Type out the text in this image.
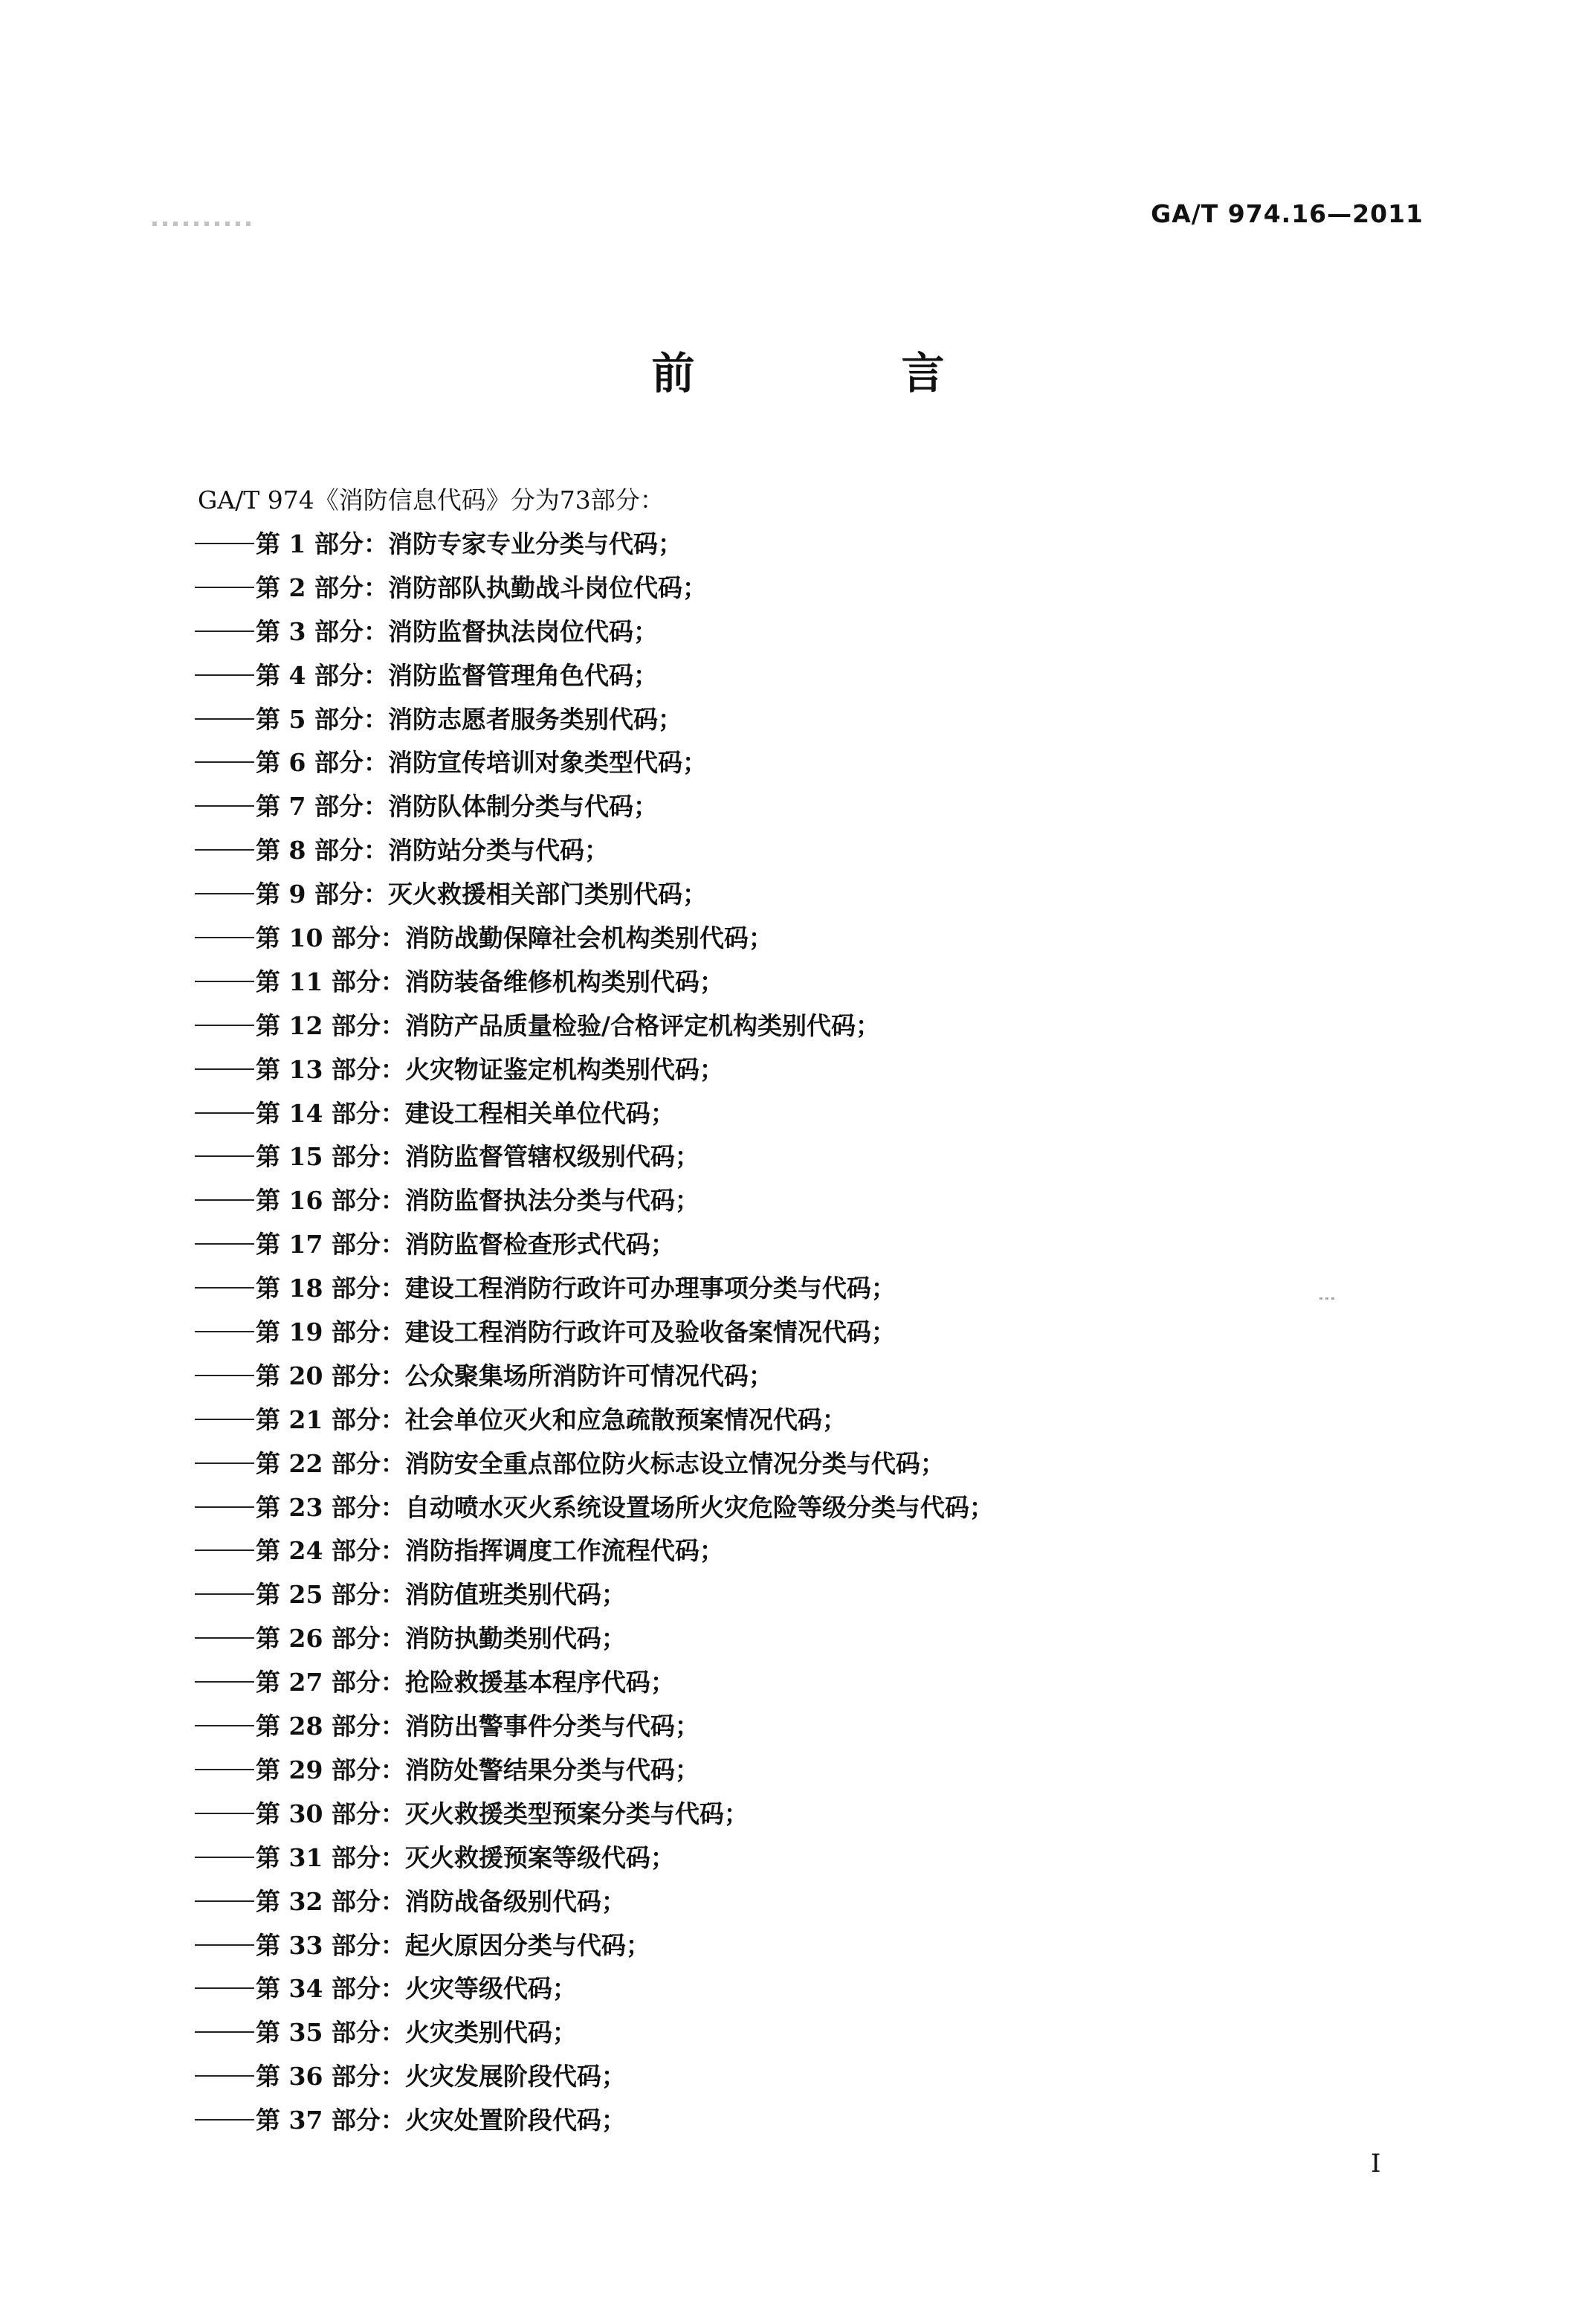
GA/T 974.16—2011
前　言
GA/T 974《消防信息代码》分为73部分：
第 1 部分：消防专家专业分类与代码；
第 2 部分：消防部队执勤战斗岗位代码；
第 3 部分：消防监督执法岗位代码；
第 4 部分：消防监督管理角色代码；
第 5 部分：消防志愿者服务类别代码；
第 6 部分：消防宣传培训对象类型代码；
第 7 部分：消防队体制分类与代码；
第 8 部分：消防站分类与代码；
第 9 部分：灭火救援相关部门类别代码；
第 10 部分：消防战勤保障社会机构类别代码；
第 11 部分：消防装备维修机构类别代码；
第 12 部分：消防产品质量检验/合格评定机构类别代码；
第 13 部分：火灾物证鉴定机构类别代码；
第 14 部分：建设工程相关单位代码；
第 15 部分：消防监督管辖权级别代码；
第 16 部分：消防监督执法分类与代码；
第 17 部分：消防监督检查形式代码；
第 18 部分：建设工程消防行政许可办理事项分类与代码；
第 19 部分：建设工程消防行政许可及验收备案情况代码；
第 20 部分：公众聚集场所消防许可情况代码；
第 21 部分：社会单位灭火和应急疏散预案情况代码；
第 22 部分：消防安全重点部位防火标志设立情况分类与代码；
第 23 部分：自动喷水灭火系统设置场所火灾危险等级分类与代码；
第 24 部分：消防指挥调度工作流程代码；
第 25 部分：消防值班类别代码；
第 26 部分：消防执勤类别代码；
第 27 部分：抢险救援基本程序代码；
第 28 部分：消防出警事件分类与代码；
第 29 部分：消防处警结果分类与代码；
第 30 部分：灭火救援类型预案分类与代码；
第 31 部分：灭火救援预案等级代码；
第 32 部分：消防战备级别代码；
第 33 部分：起火原因分类与代码；
第 34 部分：火灾等级代码；
第 35 部分：火灾类别代码；
第 36 部分：火灾发展阶段代码；
第 37 部分：火灾处置阶段代码；
I
